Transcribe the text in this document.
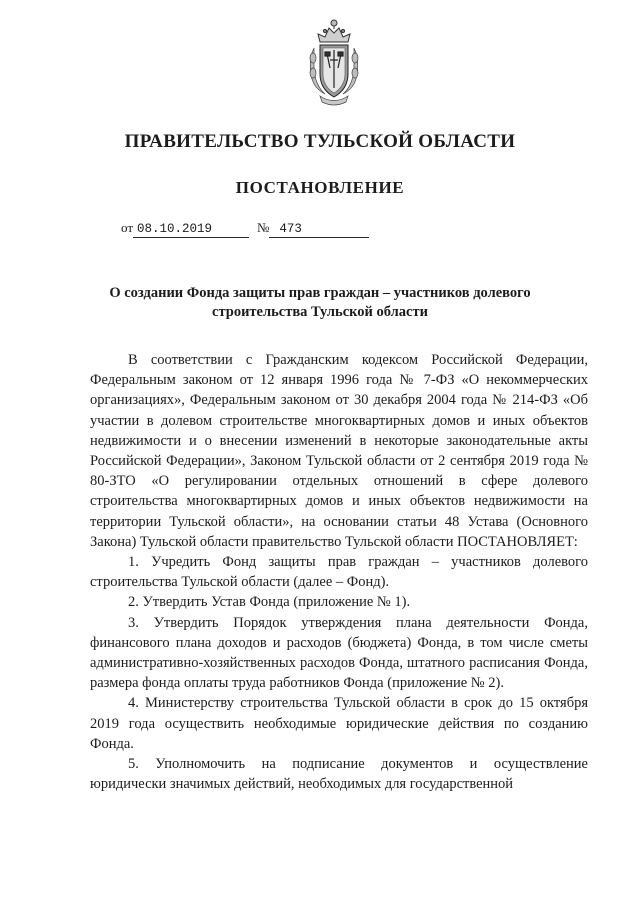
ПРАВИТЕЛЬСТВО ТУЛЬСКОЙ ОБЛАСТИ
ПОСТАНОВЛЕНИЕ
от 08.10.2019	№ 473

О создании Фонда защиты прав граждан – участников долевого строительства Тульской области

В соответствии с Гражданским кодексом Российской Федерации, Федеральным законом от 12 января 1996 года № 7-ФЗ «О некоммерческих организациях», Федеральным законом от 30 декабря 2004 года № 214-ФЗ «Об участии в долевом строительстве многоквартирных домов и иных объектов недвижимости и о внесении изменений в некоторые законодательные акты Российской Федерации», Законом Тульской области от 2 сентября 2019 года № 80-ЗТО «О регулировании отдельных отношений в сфере долевого строительства многоквартирных домов и иных объектов недвижимости на территории Тульской области», на основании статьи 48 Устава (Основного Закона) Тульской области правительство Тульской области ПОСТАНОВЛЯЕТ:

1. Учредить Фонд защиты прав граждан – участников долевого строительства Тульской области (далее – Фонд).

2. Утвердить Устав Фонда (приложение № 1).

3. Утвердить Порядок утверждения плана деятельности Фонда, финансового плана доходов и расходов (бюджета) Фонда, в том числе сметы административно-хозяйственных расходов Фонда, штатного расписания Фонда, размера фонда оплаты труда работников Фонда (приложение № 2).

4. Министерству строительства Тульской области в срок до 15 октября 2019 года осуществить необходимые юридические действия по созданию Фонда.

5. Уполномочить на подписание документов и осуществление юридически значимых действий, необходимых для государственной
